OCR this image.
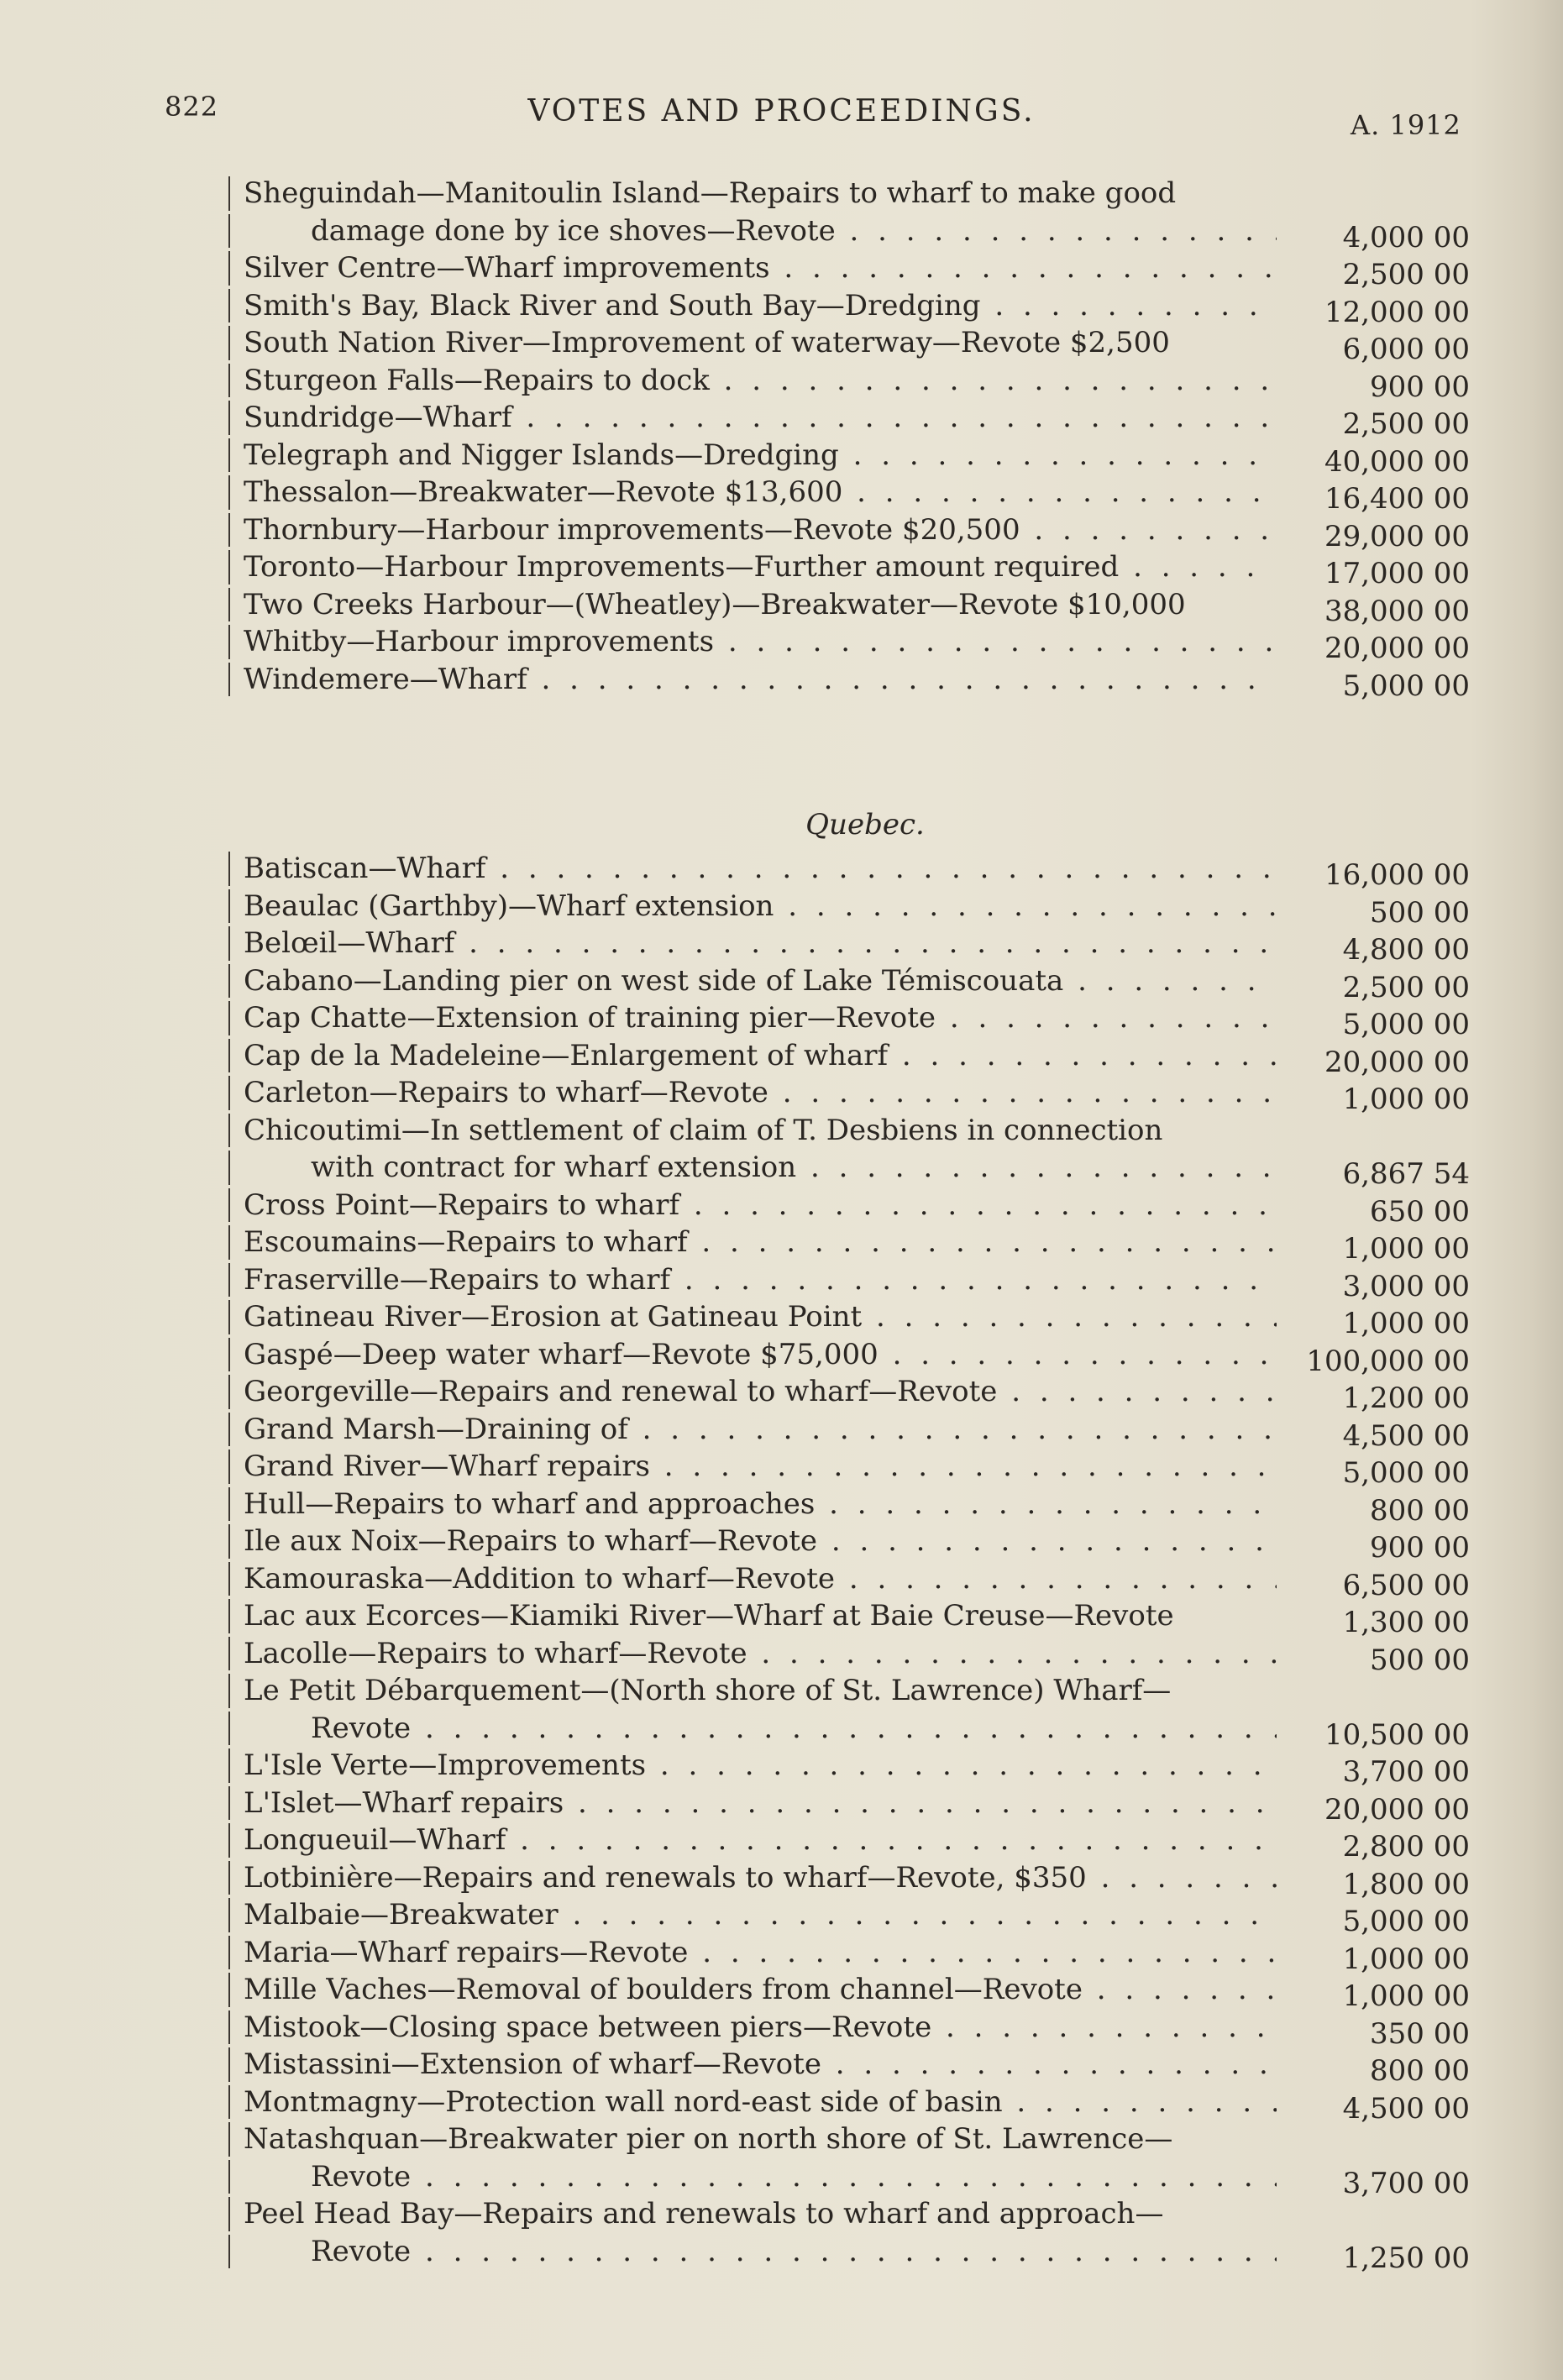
822	VOTES AND PROCEEDINGS.	A. 1912
Sheguindah—Manitoulin Island—Repairs to wharf to make good
damage done by ice shoves—Revote . . .	4,000 00
Silver Centre—Wharf improvements . . .	2,500 00
Smith's Bay, Black River and South Bay—Dredging . . .	12,000 00
South Nation River—Improvement of waterway—Revote $2,500	6,000 00
Sturgeon Falls—Repairs to dock . . .	900 00
Sundridge—Wharf . . .	2,500 00
Telegraph and Nigger Islands—Dredging . . .	40,000 00
Thessalon—Breakwater—Revote $13,600 . . .	16,400 00
Thornbury—Harbour improvements—Revote $20,500 . . .	29,000 00
Toronto—Harbour Improvements—Further amount required . . .	17,000 00
Two Creeks Harbour—(Wheatley)—Breakwater—Revote $10,000	38,000 00
Whitby—Harbour improvements . . .	20,000 00
Windemere—Wharf . . .	5,000 00
Quebec.
Batiscan—Wharf . . .	16,000 00
Beaulac (Garthby)—Wharf extension . . .	500 00
Belœil—Wharf . . .	4,800 00
Cabano—Landing pier on west side of Lake Témiscouata . . .	2,500 00
Cap Chatte—Extension of training pier—Revote . . .	5,000 00
Cap de la Madeleine—Enlargement of wharf . . .	20,000 00
Carleton—Repairs to wharf—Revote . . .	1,000 00
Chicoutimi—In settlement of claim of T. Desbiens in connection
with contract for wharf extension . . .	6,867 54
Cross Point—Repairs to wharf . . .	650 00
Escoumains—Repairs to wharf . . .	1,000 00
Fraserville—Repairs to wharf . . .	3,000 00
Gatineau River—Erosion at Gatineau Point . . .	1,000 00
Gaspé—Deep water wharf—Revote $75,000 . . .	100,000 00
Georgeville—Repairs and renewal to wharf—Revote . . .	1,200 00
Grand Marsh—Draining of . . .	4,500 00
Grand River—Wharf repairs . . .	5,000 00
Hull—Repairs to wharf and approaches . . .	800 00
Ile aux Noix—Repairs to wharf—Revote . . .	900 00
Kamouraska—Addition to wharf—Revote . . .	6,500 00
Lac aux Ecorces—Kiamiki River—Wharf at Baie Creuse—Revote	1,300 00
Lacolle—Repairs to wharf—Revote . . .	500 00
Le Petit Débarquement—(North shore of St. Lawrence) Wharf—
Revote . . .	10,500 00
L'Isle Verte—Improvements . . .	3,700 00
L'Islet—Wharf repairs . . .	20,000 00
Longueuil—Wharf . . .	2,800 00
Lotbinière—Repairs and renewals to wharf—Revote, $350 . . .	1,800 00
Malbaie—Breakwater . . .	5,000 00
Maria—Wharf repairs—Revote . . .	1,000 00
Mille Vaches—Removal of boulders from channel—Revote . . .	1,000 00
Mistook—Closing space between piers—Revote . . .	350 00
Mistassini—Extension of wharf—Revote . . .	800 00
Montmagny—Protection wall nord-east side of basin . . .	4,500 00
Natashquan—Breakwater pier on north shore of St. Lawrence—
Revote . . .	3,700 00
Peel Head Bay—Repairs and renewals to wharf and approach—
Revote . . .	1,250 00
